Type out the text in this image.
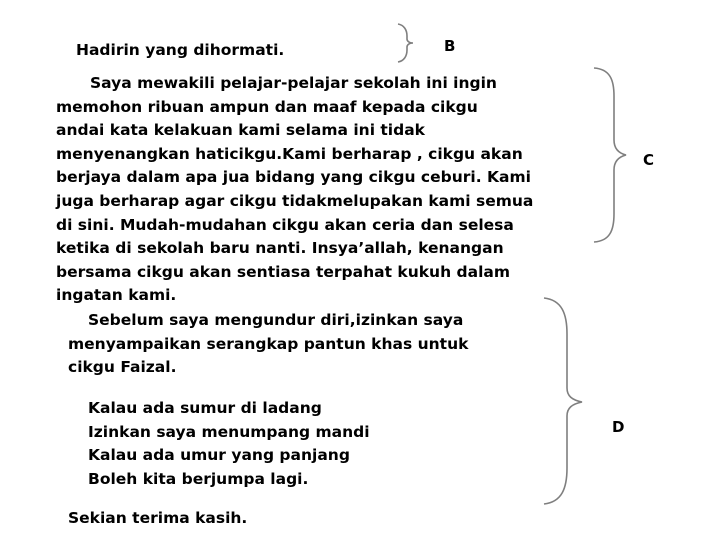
Hadirin yang dihormati.	B
Saya mewakili pelajar-pelajar sekolah ini ingin
memohon ribuan ampun dan maaf kepada cikgu
andai kata kelakuan kami selama ini tidak
menyenangkan haticikgu.Kami berharap , cikgu akan
berjaya dalam apa jua bidang yang cikgu ceburi. Kami
juga berharap agar cikgu tidakmelupakan kami semua
di sini. Mudah-mudahan cikgu akan ceria dan selesa
ketika di sekolah baru nanti. Insya’allah, kenangan
bersama cikgu akan sentiasa terpahat kukuh dalam
ingatan kami.
C
Sebelum saya mengundur diri,izinkan saya
menyampaikan serangkap pantun khas untuk
cikgu Faizal.
Kalau ada sumur di ladang
Izinkan saya menumpang mandi
Kalau ada umur yang panjang
Boleh kita berjumpa lagi.

Sekian terima kasih.

D
